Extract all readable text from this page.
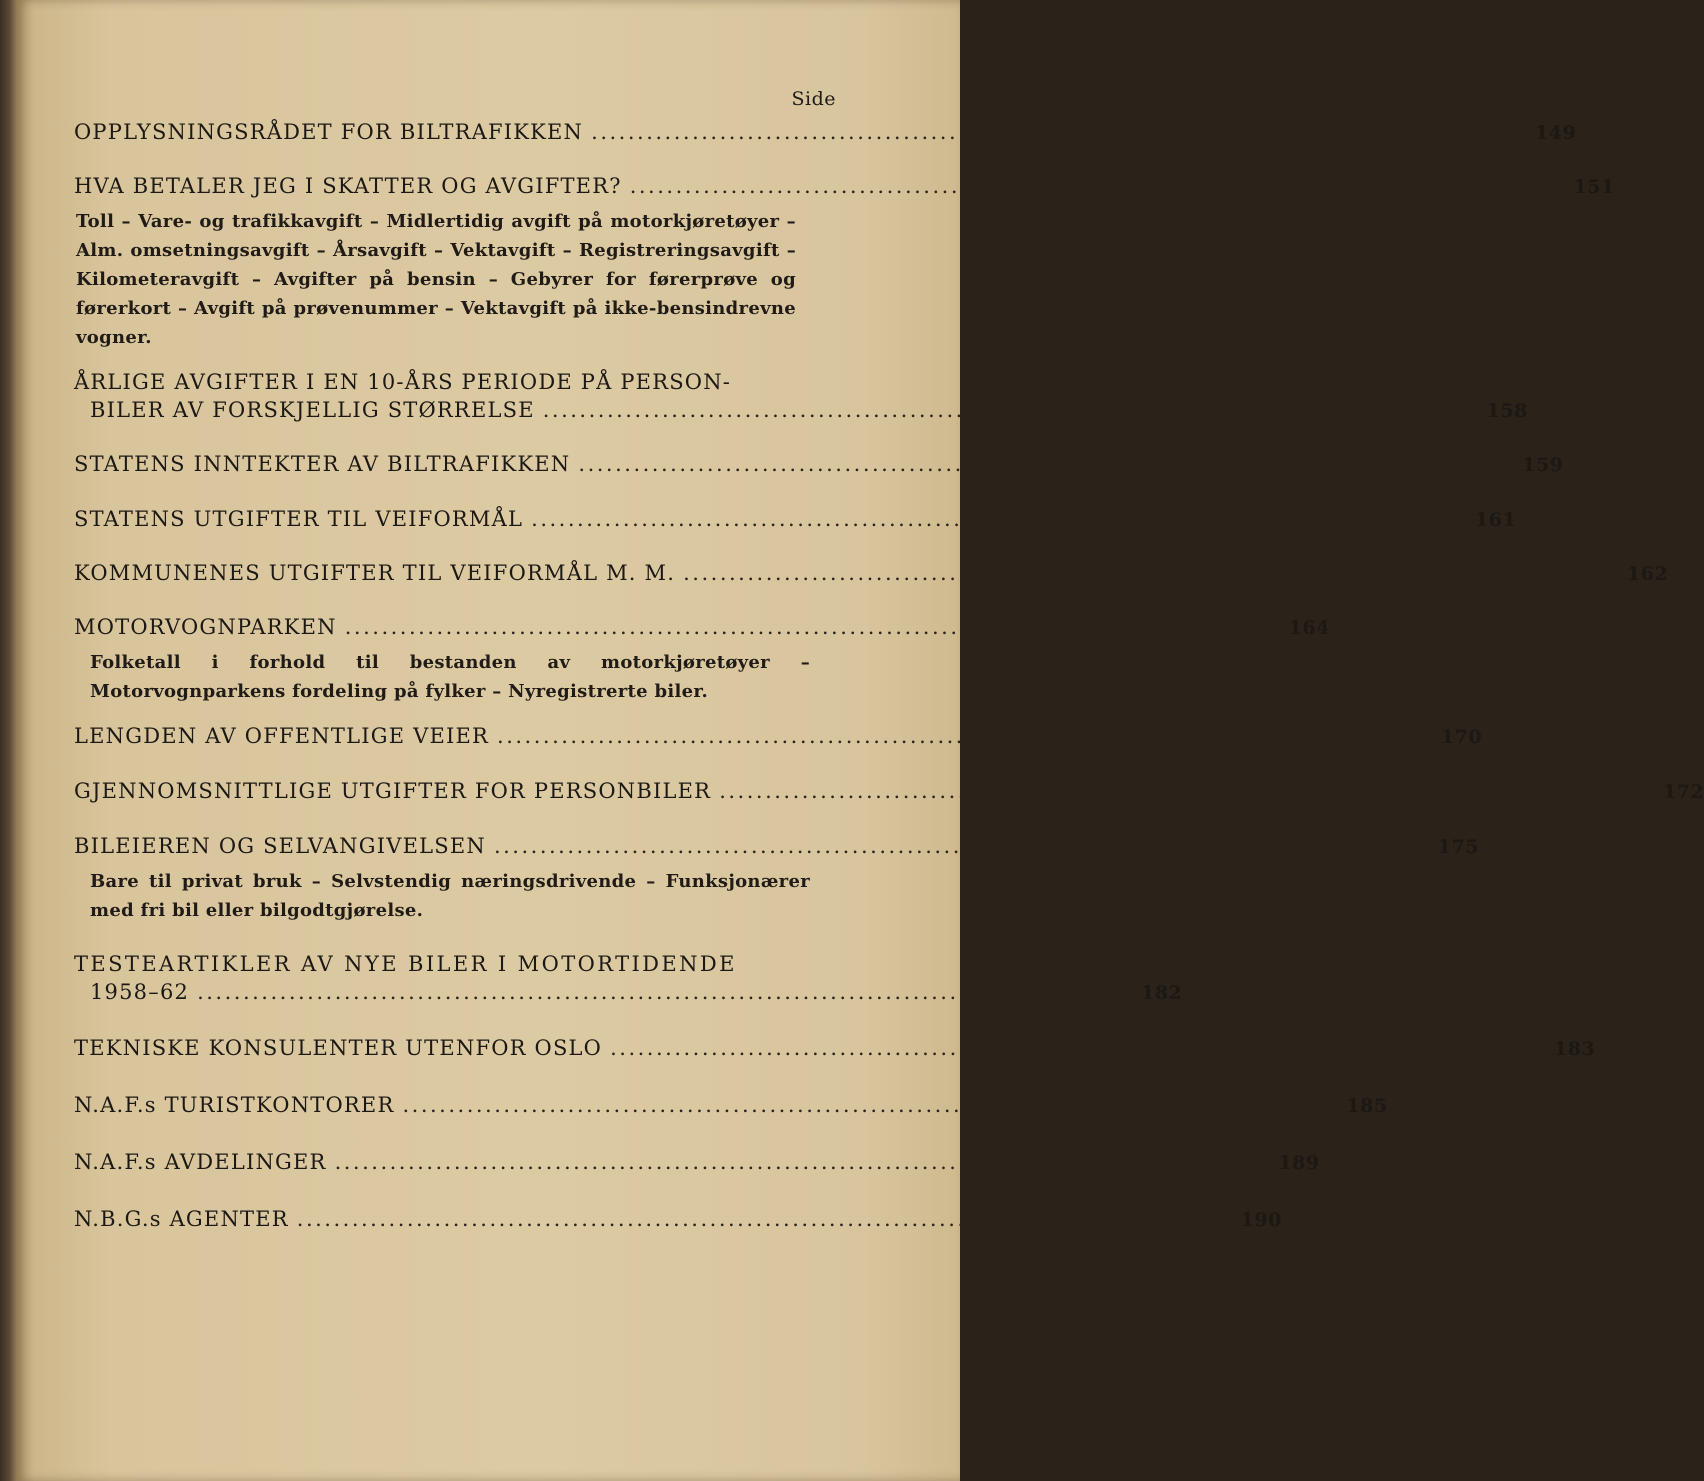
Side
OPPLYSNINGSRÅDET FOR BILTRAFIKKEN ...................................................................................................... 149
HVA BETALER JEG I SKATTER OG AVGIFTER? ...................................................................................................... 151
Toll – Vare- og trafikkavgift – Midlertidig avgift på motorkjøretøyer – Alm. omsetningsavgift – Årsavgift – Vektavgift – Registreringsavgift – Kilometeravgift – Avgifter på bensin – Gebyrer for førerprøve og førerkort – Avgift på prøvenummer – Vektavgift på ikke-bensindrevne vogner.
ÅRLIGE AVGIFTER I EN 10-ÅRS PERIODE PÅ PERSON-
BILER AV FORSKJELLIG STØRRELSE ...................................................................................................... 158
STATENS INNTEKTER AV BILTRAFIKKEN ...................................................................................................... 159
STATENS UTGIFTER TIL VEIFORMÅL ...................................................................................................... 161
KOMMUNENES UTGIFTER TIL VEIFORMÅL M. M. ...................................................................................................... 162
MOTORVOGNPARKEN ...................................................................................................... 164
Folketall i forhold til bestanden av motorkjøretøyer – Motorvognparkens fordeling på fylker – Nyregistrerte biler.
LENGDEN AV OFFENTLIGE VEIER ...................................................................................................... 170
GJENNOMSNITTLIGE UTGIFTER FOR PERSONBILER ...................................................................................................... 172
BILEIEREN OG SELVANGIVELSEN ...................................................................................................... 175
Bare til privat bruk – Selvstendig næringsdrivende – Funksjonærer med fri bil eller bilgodtgjørelse.
TESTEARTIKLER AV NYE BILER I MOTORTIDENDE
1958–62 ...................................................................................................... 182
TEKNISKE KONSULENTER UTENFOR OSLO ...................................................................................................... 183
N.A.F.s TURISTKONTORER ...................................................................................................... 185
N.A.F.s AVDELINGER ...................................................................................................... 189
N.B.G.s AGENTER ...................................................................................................... 190
